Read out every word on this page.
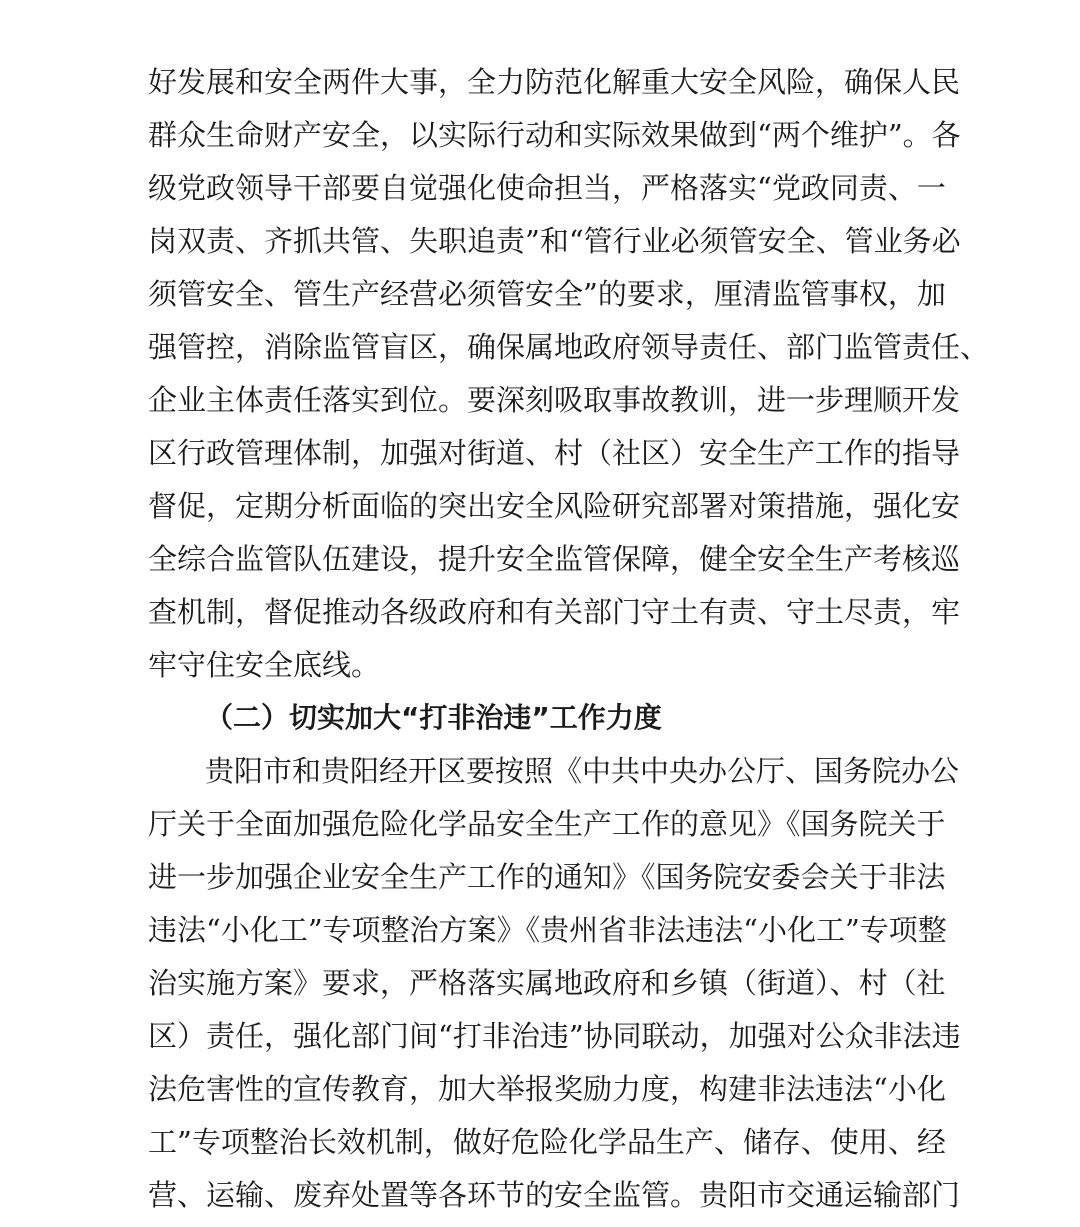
好发展和安全两件大事，全力防范化解重大安全风险，确保人民
群众生命财产安全，以实际行动和实际效果做到“两个维护”。各
级党政领导干部要自觉强化使命担当，严格落实“党政同责、一
岗双责、齐抓共管、失职追责”和“管行业必须管安全、管业务必
须管安全、管生产经营必须管安全”的要求，厘清监管事权，加
强管控，消除监管盲区，确保属地政府领导责任、部门监管责任、
企业主体责任落实到位。要深刻吸取事故教训，进一步理顺开发
区行政管理体制，加强对街道、村（社区）安全生产工作的指导
督促，定期分析面临的突出安全风险研究部署对策措施，强化安
全综合监管队伍建设，提升安全监管保障，健全安全生产考核巡
查机制，督促推动各级政府和有关部门守土有责、守土尽责，牢
牢守住安全底线。
（二）切实加大“打非治违”工作力度
贵阳市和贵阳经开区要按照《中共中央办公厅、国务院办公
厅关于全面加强危险化学品安全生产工作的意见》《国务院关于
进一步加强企业安全生产工作的通知》《国务院安委会关于非法
违法“小化工”专项整治方案》《贵州省非法违法“小化工”专项整
治实施方案》要求，严格落实属地政府和乡镇（街道）、村（社
区）责任，强化部门间“打非治违”协同联动，加强对公众非法违
法危害性的宣传教育，加大举报奖励力度，构建非法违法“小化
工”专项整治长效机制，做好危险化学品生产、储存、使用、经
营、运输、废弃处置等各环节的安全监管。贵阳市交通运输部门
